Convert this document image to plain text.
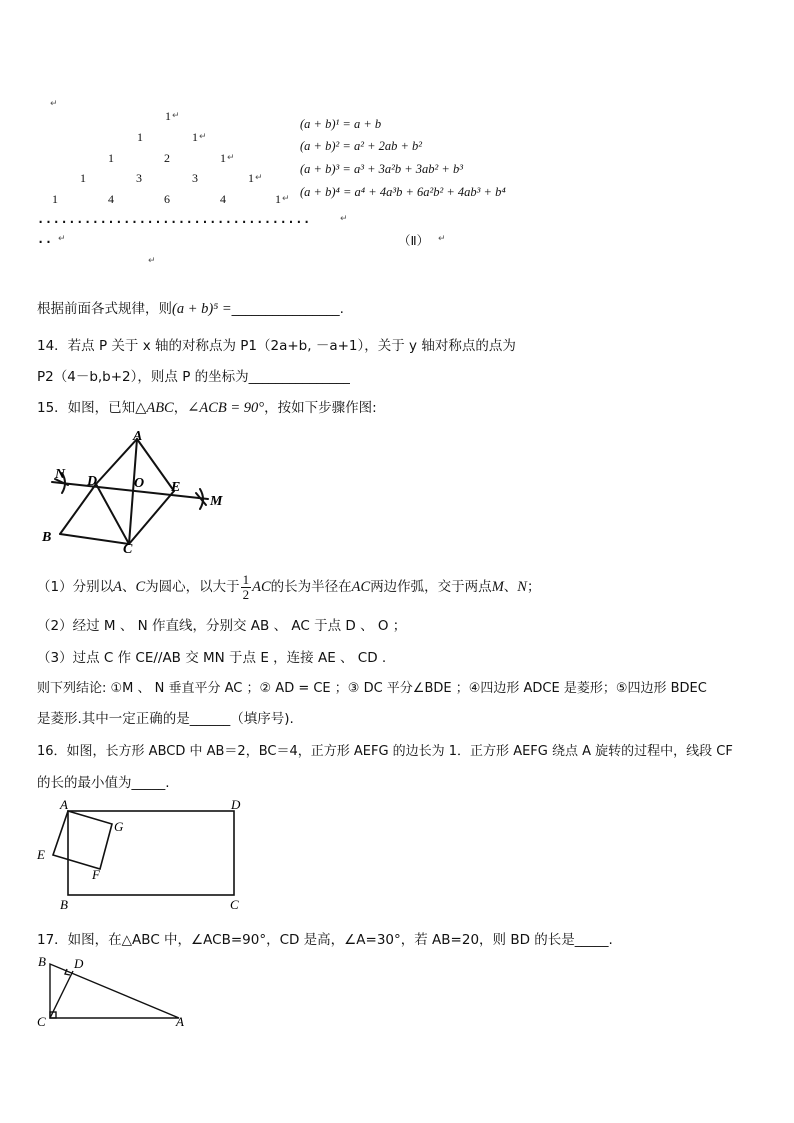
↵
1 ↵
1	1 ↵
1	2	1 ↵
1	3	3	1 ↵
1	4	6	4	1 ↵
...................................	↵
.. ↵	（Ⅱ） ↵
↵
(a + b)¹ = a + b
(a + b)² = a² + 2ab + b²
(a + b)³ = a³ + 3a²b + 3ab² + b³
(a + b)⁴ = a⁴ + 4a³b + 6a²b² + 4ab³ + b⁴
根据前面各式规律，则(a + b)⁵ =________________.
14．若点 P 关于 x 轴的对称点为 P1（2a+b, －a+1），关于 y 轴对称点的点为
P2（4－b,b+2），则点 P 的坐标为_______________
15．如图，已知△ABC，∠ACB = 90°，按如下步骤作图:
A
N D	O E
M
B
C
（1）分别以A、C为圆心，以大于 $\frac{1}{2}$ AC的长为半径在AC两边作弧，交于两点M、N；
（2）经过 M 、 N 作直线，分别交 AB 、 AC 于点 D 、 O ；
（3）过点 C 作 CE//AB 交 MN 于点 E ，连接 AE 、 CD .
则下列结论: ①M 、 N 垂直平分 AC ；② AD = CE ；③ DC 平分∠BDE ；④四边形 ADCE 是菱形；⑤四边形 BDEC
是菱形.其中一定正确的是______（填序号).
16．如图，长方形 ABCD 中 AB＝2，BC＝4，正方形 AEFG 的边长为 1．正方形 AEFG 绕点 A 旋转的过程中，线段 CF
的长的最小值为_____.
A	D
G
E
F
B	C
17．如图，在△ABC 中，∠ACB=90°，CD 是高，∠A=30°，若 AB=20，则 BD 的长是_____.
B D
C	A
